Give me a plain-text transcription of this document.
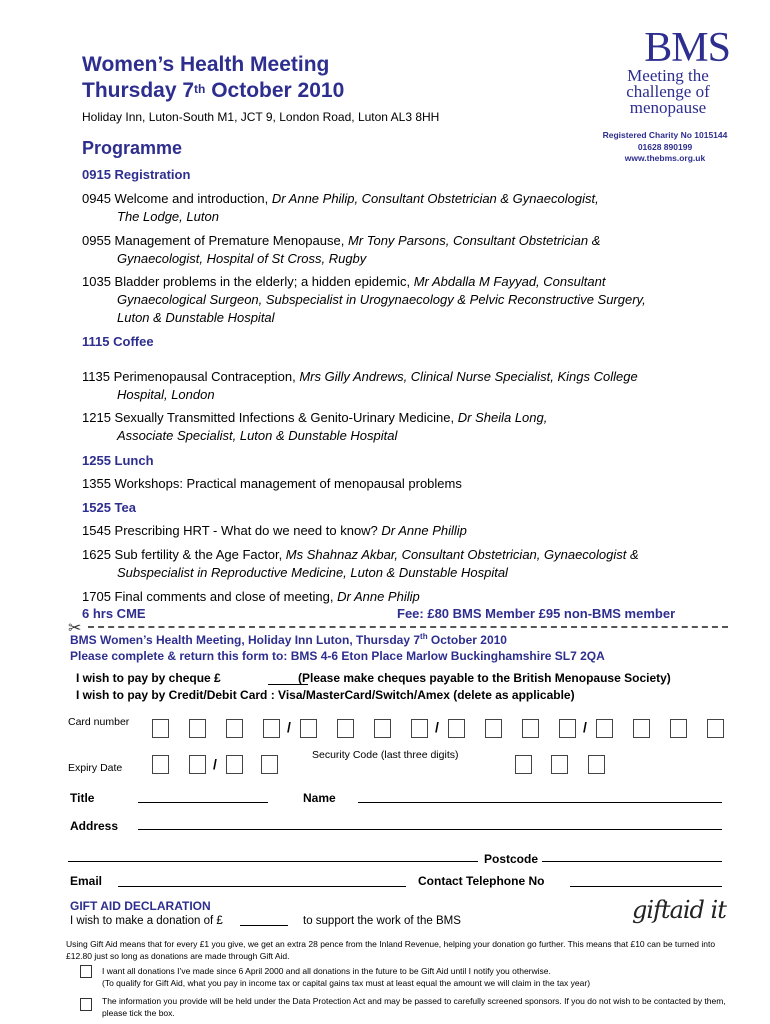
Women’s Health Meeting
Thursday 7th October 2010
Holiday Inn, Luton-South M1, JCT 9, London Road, Luton AL3 8HH
Programme
BMS
Meeting the
challenge of
menopause
Registered Charity No 1015144
01628 890199
www.thebms.org.uk
0915 Registration
0945 Welcome and introduction, Dr Anne Philip, Consultant Obstetrician & Gynaecologist,
The Lodge, Luton
0955 Management of Premature Menopause, Mr Tony Parsons, Consultant Obstetrician &
Gynaecologist, Hospital of St Cross, Rugby
1035 Bladder problems in the elderly; a hidden epidemic, Mr Abdalla M Fayyad, Consultant
Gynaecological Surgeon, Subspecialist in Urogynaecology & Pelvic Reconstructive Surgery,
Luton & Dunstable Hospital
1115 Coffee
1135 Perimenopausal Contraception, Mrs Gilly Andrews, Clinical Nurse Specialist, Kings College
Hospital, London
1215 Sexually Transmitted Infections & Genito-Urinary Medicine, Dr Sheila Long,
Associate Specialist, Luton & Dunstable Hospital
1255 Lunch
1355 Workshops: Practical management of menopausal problems
1525 Tea
1545 Prescribing HRT - What do we need to know? Dr Anne Phillip
1625 Sub fertility & the Age Factor, Ms Shahnaz Akbar, Consultant Obstetrician, Gynaecologist &
Subspecialist in Reproductive Medicine, Luton & Dunstable Hospital
1705 Final comments and close of meeting, Dr Anne Philip
6 hrs CME	Fee: £80 BMS Member £95 non-BMS member
✂
BMS Women’s Health Meeting, Holiday Inn Luton, Thursday 7th October 2010
Please complete & return this form to: BMS 4-6 Eton Place Marlow Buckinghamshire SL7 2QA
I wish to pay by cheque £	(Please make cheques payable to the British Menopause Society)
I wish to pay by Credit/Debit Card : Visa/MasterCard/Switch/Amex (delete as applicable)
Card number	/	/	/
Expiry Date	/
Security Code (last three digits)
Title	Name
Address
Postcode
Email	Contact Telephone No
GIFT AID DECLARATION
I wish to make a donation of £	to support the work of the BMS	giftaid it
Using Gift Aid means that for every £1 you give, we get an extra 28 pence from the Inland Revenue, helping your donation go further. This means that £10 can be turned into £12.80 just so long as donations are made through Gift Aid.
I want all donations I’ve made since 6 April 2000 and all donations in the future to be Gift Aid until I notify you otherwise.
(To qualify for Gift Aid, what you pay in income tax or capital gains tax must at least equal the amount we will claim in the tax year)
The information you provide will be held under the Data Protection Act and may be passed to carefully screened sponsors. If you do not wish to be contacted by them, please tick the box.
